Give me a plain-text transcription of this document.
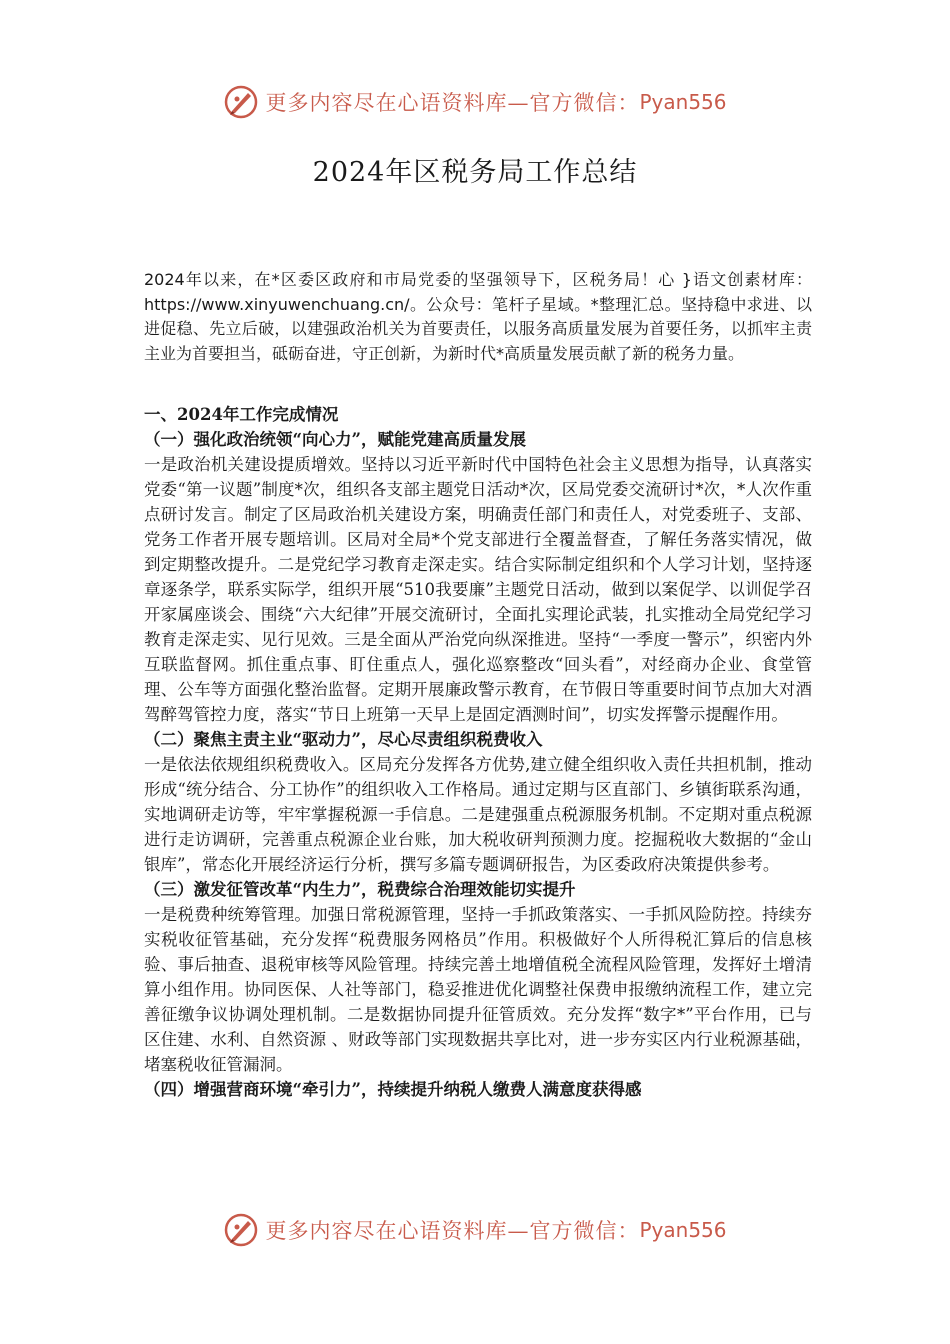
更多内容尽在心语资料库—官方微信： Pyan556
2024年区税务局工作总结

2024年以来，在*区委区政府和市局党委的坚强领导下，区税务局！心 }语文创素材库：https://www.xinyuwenchuang.cn/。公众号：笔杆子星域。*整理汇总。坚持稳中求进、以进促稳、先立后破，以建强政治机关为首要责任，以服务高质量发展为首要任务，以抓牢主责主业为首要担当，砥砺奋进，守正创新，为新时代*高质量发展贡献了新的税务力量。

一、2024年工作完成情况

（一）强化政治统领“向心力”，赋能党建高质量发展

一是政治机关建设提质增效。坚持以习近平新时代中国特色社会主义思想为指导，认真落实党委“第一议题”制度*次，组织各支部主题党日活动*次，区局党委交流研讨*次，*人次作重点研讨发言。制定了区局政治机关建设方案，明确责任部门和责任人，对党委班子、支部、党务工作者开展专题培训。区局对全局*个党支部进行全覆盖督查，了解任务落实情况，做到定期整改提升。二是党纪学习教育走深走实。结合实际制定组织和个人学习计划，坚持逐章逐条学，联系实际学，组织开展“510我要廉”主题党日活动，做到以案促学、以训促学召开家属座谈会、围绕“六大纪律”开展交流研讨，全面扎实理论武装，扎实推动全局党纪学习教育走深走实、见行见效。三是全面从严治党向纵深推进。坚持“一季度一警示”，织密内外互联监督网。抓住重点事、盯住重点人，强化巡察整改“回头看”，对经商办企业、食堂管理、公车等方面强化整治监督。定期开展廉政警示教育，在节假日等重要时间节点加大对酒驾醉驾管控力度，落实“节日上班第一天早上是固定酒测时间”，切实发挥警示提醒作用。

（二）聚焦主责主业“驱动力”，尽心尽责组织税费收入

一是依法依规组织税费收入。区局充分发挥各方优势,建立健全组织收入责任共担机制，推动形成“统分结合、分工协作”的组织收入工作格局。通过定期与区直部门、乡镇街联系沟通，实地调研走访等，牢牢掌握税源一手信息。二是建强重点税源服务机制。不定期对重点税源进行走访调研，完善重点税源企业台账，加大税收研判预测力度。挖掘税收大数据的“金山银库”，常态化开展经济运行分析，撰写多篇专题调研报告，为区委政府决策提供参考。

（三）激发征管改革“内生力”，税费综合治理效能切实提升

一是税费种统筹管理。加强日常税源管理，坚持一手抓政策落实、一手抓风险防控。持续夯实税收征管基础，充分发挥“税费服务网格员”作用。积极做好个人所得税汇算后的信息核验、事后抽查、退税审核等风险管理。持续完善土地增值税全流程风险管理，发挥好土增清算小组作用。协同医保、人社等部门，稳妥推进优化调整社保费申报缴纳流程工作，建立完善征缴争议协调处理机制。二是数据协同提升征管质效。充分发挥“数字*”平台作用，已与区住建、水利、自然资源 、财政等部门实现数据共享比对，进一步夯实区内行业税源基础，堵塞税收征管漏洞。

（四）增强营商环境“牵引力”，持续提升纳税人缴费人满意度获得感

更多内容尽在心语资料库—官方微信： Pyan556
